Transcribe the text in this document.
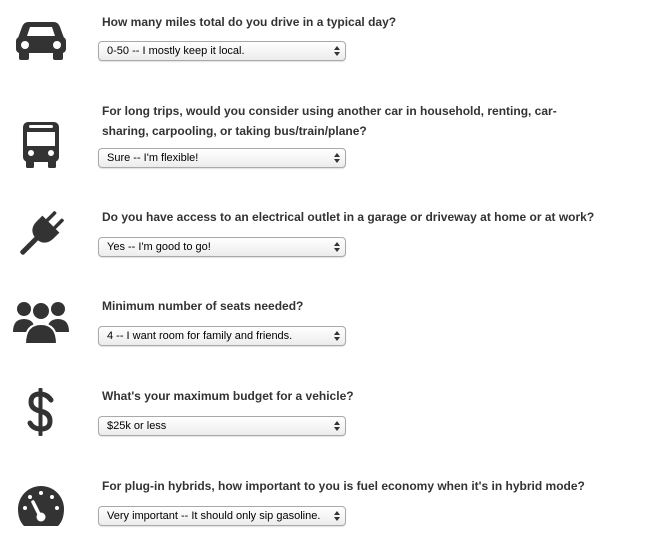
How many miles total do you drive in a typical day?
0-50 -- I mostly keep it local.
For long trips, would you consider using another car in household, renting, car-sharing, carpooling, or taking bus/train/plane?
Sure -- I'm flexible!
Do you have access to an electrical outlet in a garage or driveway at home or at work?
Yes -- I'm good to go!
Minimum number of seats needed?
4 -- I want room for family and friends.
What's your maximum budget for a vehicle?
$25k or less
For plug-in hybrids, how important to you is fuel economy when it's in hybrid mode?
Very important -- It should only sip gasoline.
